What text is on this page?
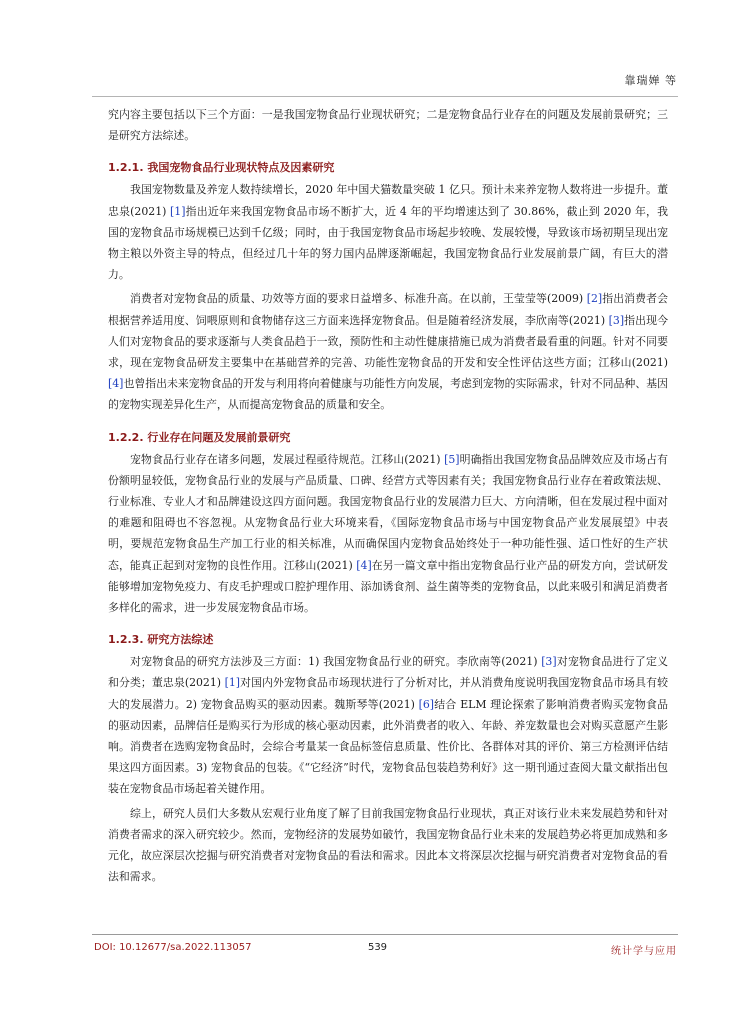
靠瑞婵 等

究内容主要包括以下三个方面：一是我国宠物食品行业现状研究；二是宠物食品行业存在的问题及发展前景研究；三是研究方法综述。

1.2.1. 我国宠物食品行业现状特点及因素研究

我国宠物数量及养宠人数持续增长，2020 年中国犬猫数量突破 1 亿只。预计未来养宠物人数将进一步提升。董忠泉(2021) [1]指出近年来我国宠物食品市场不断扩大，近 4 年的平均增速达到了 30.86%，截止到 2020 年，我国的宠物食品市场规模已达到千亿级；同时，由于我国宠物食品市场起步较晚、发展较慢，导致该市场初期呈现出宠物主粮以外资主导的特点，但经过几十年的努力国内品牌逐渐崛起，我国宠物食品行业发展前景广阔，有巨大的潜力。

消费者对宠物食品的质量、功效等方面的要求日益增多、标准升高。在以前，王莹莹等(2009) [2]指出消费者会根据营养适用度、饲喂原则和食物储存这三方面来选择宠物食品。但是随着经济发展，李欣南等(2021) [3]指出现今人们对宠物食品的要求逐渐与人类食品趋于一致，预防性和主动性健康措施已成为消费者最看重的问题。针对不同要求，现在宠物食品研发主要集中在基础营养的完善、功能性宠物食品的开发和安全性评估这些方面；江移山(2021) [4]也曾指出未来宠物食品的开发与利用将向着健康与功能性方向发展，考虑到宠物的实际需求，针对不同品种、基因的宠物实现差异化生产，从而提高宠物食品的质量和安全。

1.2.2. 行业存在问题及发展前景研究

宠物食品行业存在诸多问题，发展过程亟待规范。江移山(2021) [5]明确指出我国宠物食品品牌效应及市场占有份额明显较低，宠物食品行业的发展与产品质量、口碑、经营方式等因素有关；我国宠物食品行业存在着政策法规、行业标准、专业人才和品牌建设这四方面问题。我国宠物食品行业的发展潜力巨大、方向清晰，但在发展过程中面对的难题和阻碍也不容忽视。从宠物食品行业大环境来看，《国际宠物食品市场与中国宠物食品产业发展展望》中表明，要规范宠物食品生产加工行业的相关标准，从而确保国内宠物食品始终处于一种功能性强、适口性好的生产状态，能真正起到对宠物的良性作用。江移山(2021) [4]在另一篇文章中指出宠物食品行业产品的研发方向，尝试研发能够增加宠物免疫力、有皮毛护理或口腔护理作用、添加诱食剂、益生菌等类的宠物食品，以此来吸引和满足消费者多样化的需求，进一步发展宠物食品市场。

1.2.3. 研究方法综述

对宠物食品的研究方法涉及三方面：1) 我国宠物食品行业的研究。李欣南等(2021) [3]对宠物食品进行了定义和分类；董忠泉(2021) [1]对国内外宠物食品市场现状进行了分析对比，并从消费角度说明我国宠物食品市场具有较大的发展潜力。2) 宠物食品购买的驱动因素。魏斯琴等(2021) [6]结合 ELM 理论探索了影响消费者购买宠物食品的驱动因素，品牌信任是购买行为形成的核心驱动因素，此外消费者的收入、年龄、养宠数量也会对购买意愿产生影响。消费者在选购宠物食品时，会综合考量某一食品标签信息质量、性价比、各群体对其的评价、第三方检测评估结果这四方面因素。3) 宠物食品的包装。《“它经济”时代，宠物食品包装趋势利好》这一期刊通过查阅大量文献指出包装在宠物食品市场起着关键作用。

综上，研究人员们大多数从宏观行业角度了解了目前我国宠物食品行业现状，真正对该行业未来发展趋势和针对消费者需求的深入研究较少。然而，宠物经济的发展势如破竹，我国宠物食品行业未来的发展趋势必将更加成熟和多元化，故应深层次挖掘与研究消费者对宠物食品的看法和需求。因此本文将深层次挖掘与研究消费者对宠物食品的看法和需求。

DOI: 10.12677/sa.2022.113057	539	统计学与应用
